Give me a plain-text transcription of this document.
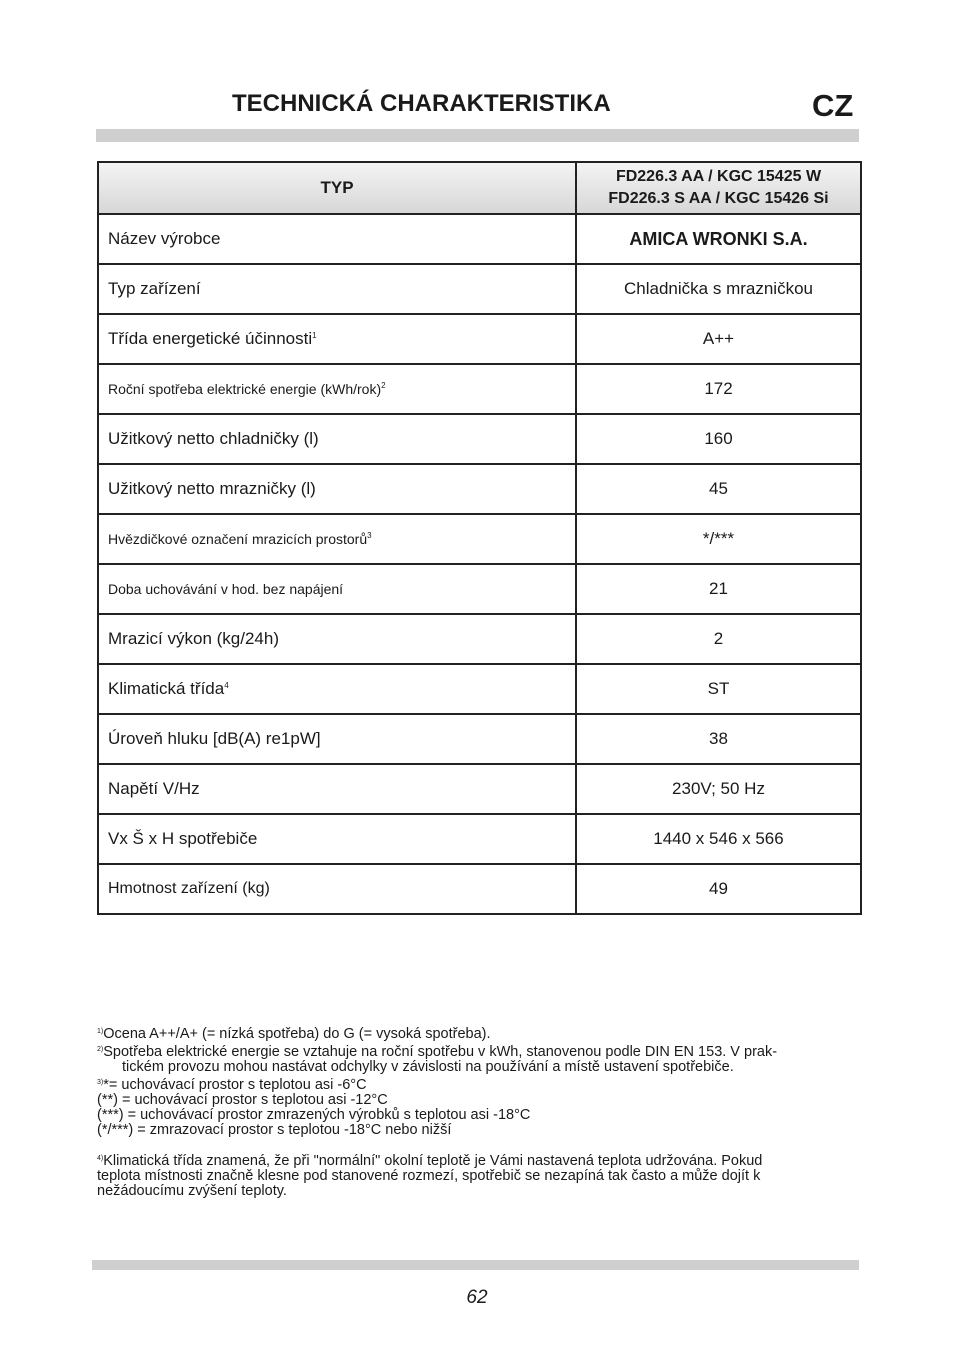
TECHNICKÁ CHARAKTERISTIKA	CZ
TYP	FD226.3 AA / KGC 15425 W
FD226.3 S AA / KGC 15426 Si

Název výrobce	AMICA WRONKI S.A.
Typ zařízení	Chladnička s mrazničkou
Třída energetické účinnosti$^1$	A++
Roční spotřeba elektrické energie $(kWh/rok)^2$	172
Užitkový netto chladničky (l)	160
Užitkový netto mrazničky (l)	45
Hvězdičkové označení mrazicích prostorů$^3$	*/***
Doba uchovávání v hod. bez napájení	21
Mrazicí výkon (kg/24h)	2
Klimatická třída$^4$	ST
Úroveň hluku [dB(A) re1pW]	38
Napětí V/Hz	230V; 50 Hz
Vx Š x H spotřebiče	1440 x 546 x 566
Hmotnost zařízení (kg)	49

$^{1)}$Ocena A++/A+ (= nízká spotřeba) do G (= vysoká spotřeba).

$^{2)}$Spotřeba elektrické energie se vztahuje na roční spotřebu v kWh, stanovenou podle DIN EN 153. V prak-

tickém provozu mohou nastávat odchylky v závislosti na používání a místě ustavení spotřebiče.

$^{3)}$*= uchovávací prostor s teplotou asi -6°C

(**) = uchovávací prostor s teplotou asi -12°C

(***) = uchovávací prostor zmrazených výrobků s teplotou asi -18°C

(*/***) = zmrazovací prostor s teplotou -18°C nebo nižší

$^{4)}$Klimatická třída znamená, že při "normální" okolní teplotě je Vámi nastavená teplota udržována. Pokud

teplota místnosti značně klesne pod stanovené rozmezí, spotřebič se nezapíná tak často a může dojít k

nežádoucímu zvýšení teploty.

62
